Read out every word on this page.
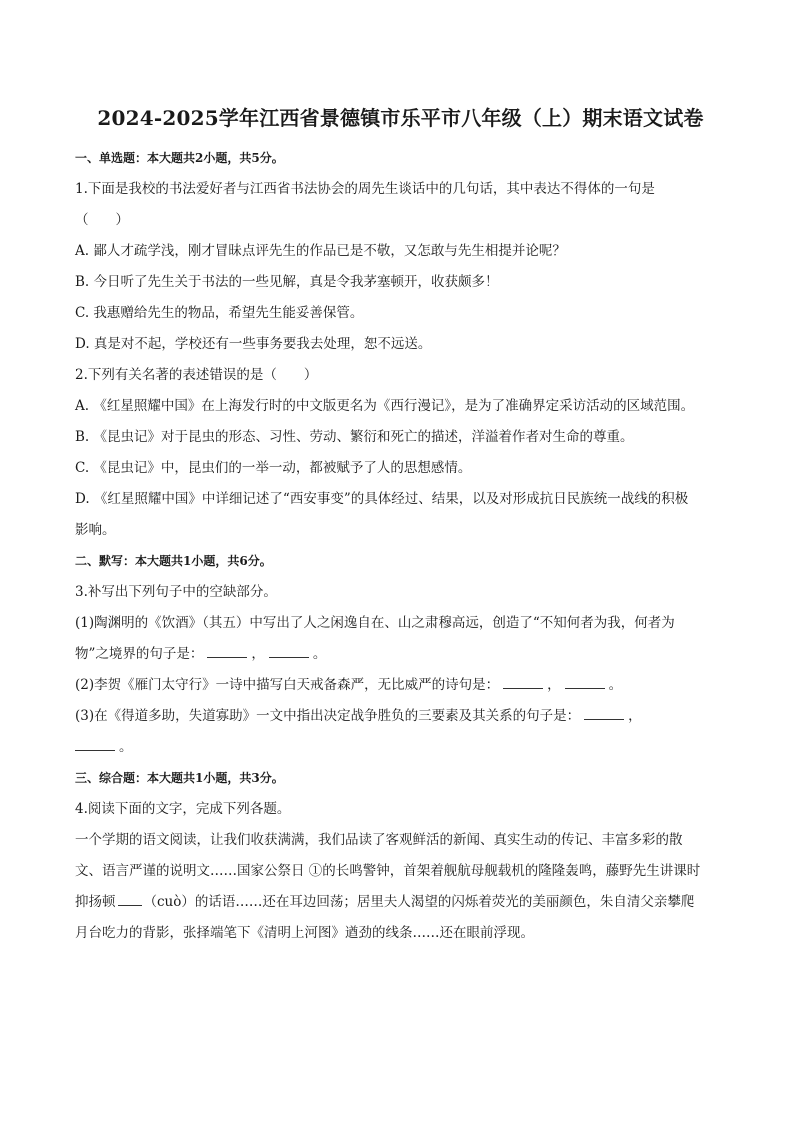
2024-2025学年江西省景德镇市乐平市八年级（上）期末语文试卷
一、单选题：本大题共2小题，共5分。
1.下面是我校的书法爱好者与江西省书法协会的周先生谈话中的几句话，其中表达不得体的一句是
（　　）
A. 鄙人才疏学浅，刚才冒昧点评先生的作品已是不敬，又怎敢与先生相提并论呢？
B. 今日听了先生关于书法的一些见解，真是令我茅塞顿开，收获颇多！
C. 我惠赠给先生的物品，希望先生能妥善保管。
D. 真是对不起，学校还有一些事务要我去处理，恕不远送。
2.下列有关名著的表述错误的是（　　）
A. 《红星照耀中国》在上海发行时的中文版更名为《西行漫记》，是为了准确界定采访活动的区域范围。
B. 《昆虫记》对于昆虫的形态、习性、劳动、繁衍和死亡的描述，洋溢着作者对生命的尊重。
C. 《昆虫记》中，昆虫们的一举一动，都被赋予了人的思想感情。
D. 《红星照耀中国》中详细记述了“西安事变”的具体经过、结果，以及对形成抗日民族统一战线的积极
影响。
二、默写：本大题共1小题，共6分。
3.补写出下列句子中的空缺部分。
(1)陶渊明的《饮酒》（其五）中写出了人之闲逸自在、山之肃穆高远，创造了“不知何者为我，何者为
物”之境界的句子是：	，	。
(2)李贺《雁门太守行》一诗中描写白天戒备森严，无比威严的诗句是：	，	。
(3)在《得道多助，失道寡助》一文中指出决定战争胜负的三要素及其关系的句子是：	，
。
三、综合题：本大题共1小题，共3分。
4.阅读下面的文字，完成下列各题。
一个学期的语文阅读，让我们收获满满，我们品读了客观鲜活的新闻、真实生动的传记、丰富多彩的散
文、语言严谨的说明文……国家公祭日 ①的长鸣警钟，首架着舰航母舰载机的隆隆轰鸣，藤野先生讲课时
抑扬顿 （cuò）的话语……还在耳边回荡；居里夫人渴望的闪烁着荧光的美丽颜色，朱自清父亲攀爬
月台吃力的背影，张择端笔下《清明上河图》遒劲的线条……还在眼前浮现。
